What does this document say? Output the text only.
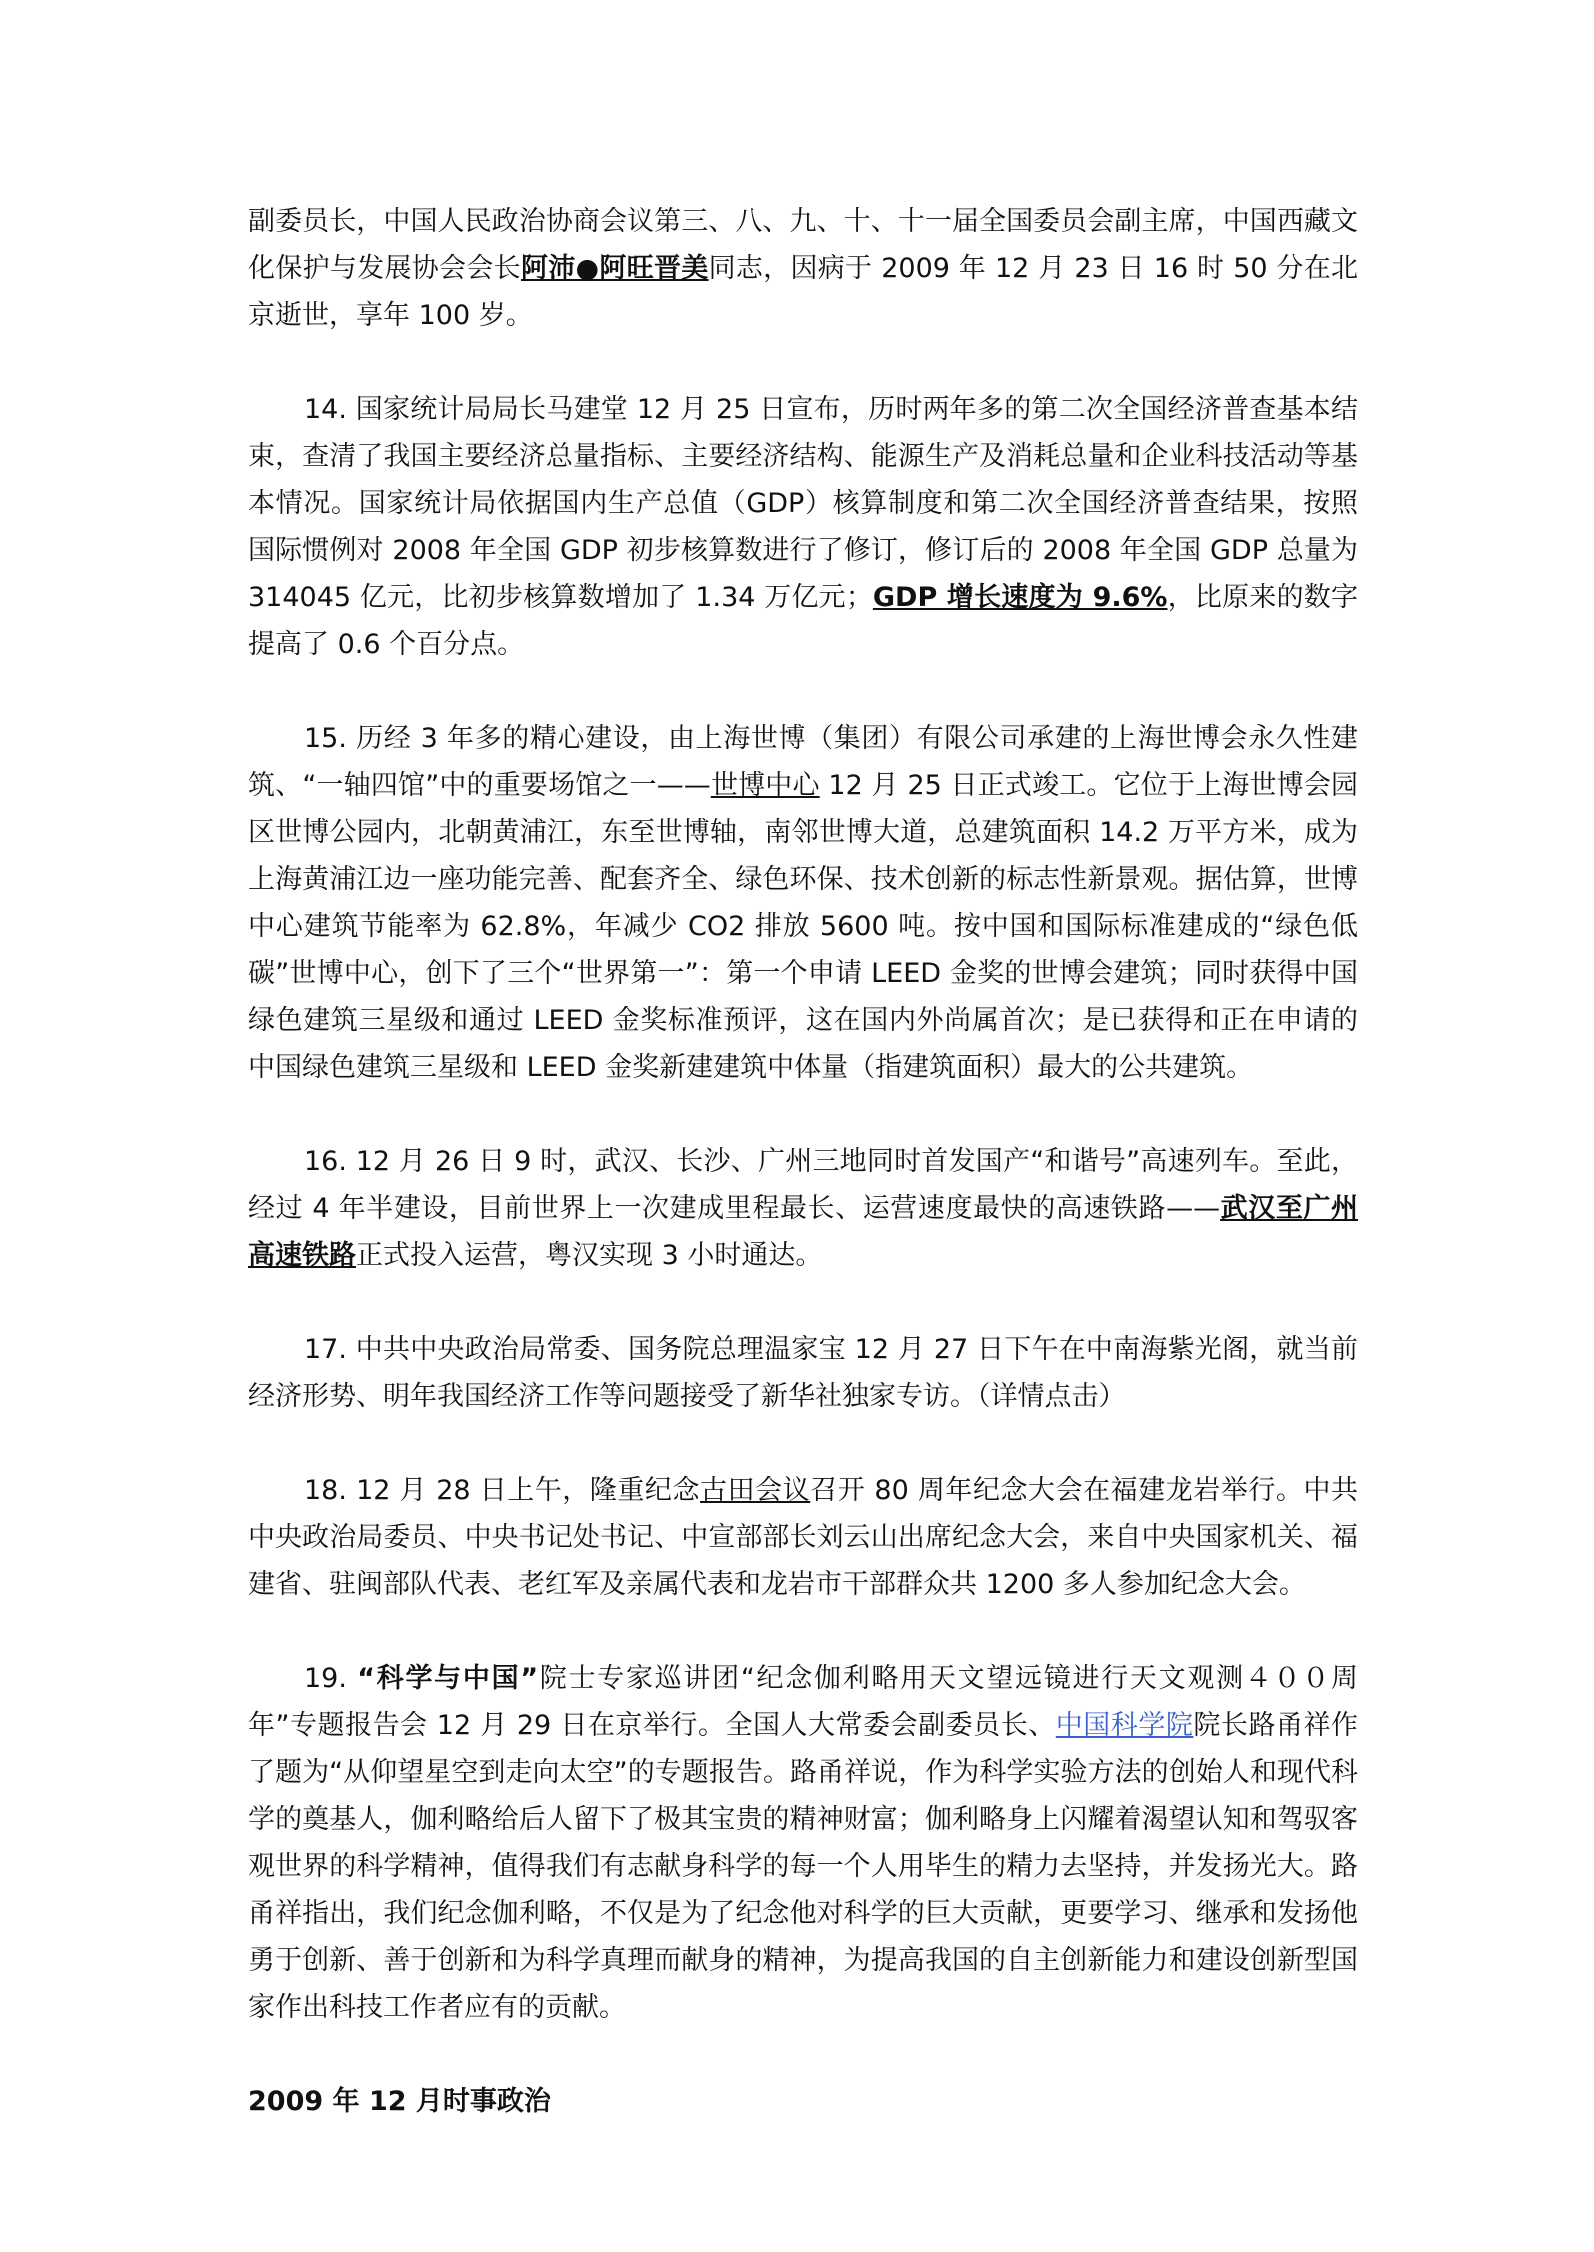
副委员长，中国人民政治协商会议第三、八、九、十、十一届全国委员会副主席，中国西藏文化保护与发展协会会长阿沛●阿旺晋美同志，因病于 2009 年 12 月 23 日 16 时 50 分在北京逝世，享年 100 岁。

14. 国家统计局局长马建堂 12 月 25 日宣布，历时两年多的第二次全国经济普查基本结束，查清了我国主要经济总量指标、主要经济结构、能源生产及消耗总量和企业科技活动等基本情况。国家统计局依据国内生产总值（GDP）核算制度和第二次全国经济普查结果，按照国际惯例对 2008 年全国 GDP 初步核算数进行了修订，修订后的 2008 年全国 GDP 总量为 314045 亿元，比初步核算数增加了 1.34 万亿元；GDP 增长速度为 9.6%，比原来的数字提高了 0.6 个百分点。

15. 历经 3 年多的精心建设，由上海世博（集团）有限公司承建的上海世博会永久性建筑、“一轴四馆”中的重要场馆之一——世博中心 12 月 25 日正式竣工。它位于上海世博会园区世博公园内，北朝黄浦江，东至世博轴，南邻世博大道，总建筑面积 14.2 万平方米，成为上海黄浦江边一座功能完善、配套齐全、绿色环保、技术创新的标志性新景观。据估算，世博中心建筑节能率为 62.8%，年减少 CO2 排放 5600 吨。按中国和国际标准建成的“绿色低碳”世博中心，创下了三个“世界第一”：第一个申请 LEED 金奖的世博会建筑；同时获得中国绿色建筑三星级和通过 LEED 金奖标准预评，这在国内外尚属首次；是已获得和正在申请的中国绿色建筑三星级和 LEED 金奖新建建筑中体量（指建筑面积）最大的公共建筑。

16. 12 月 26 日 9 时，武汉、长沙、广州三地同时首发国产“和谐号”高速列车。至此，经过 4 年半建设，目前世界上一次建成里程最长、运营速度最快的高速铁路——武汉至广州高速铁路正式投入运营，粤汉实现 3 小时通达。

17. 中共中央政治局常委、国务院总理温家宝 12 月 27 日下午在中南海紫光阁，就当前经济形势、明年我国经济工作等问题接受了新华社独家专访。（详情点击）

18. 12 月 28 日上午，隆重纪念古田会议召开 80 周年纪念大会在福建龙岩举行。中共中央政治局委员、中央书记处书记、中宣部部长刘云山出席纪念大会，来自中央国家机关、福建省、驻闽部队代表、老红军及亲属代表和龙岩市干部群众共 1200 多人参加纪念大会。

19. “科学与中国”院士专家巡讲团“纪念伽利略用天文望远镜进行天文观测４００周年”专题报告会 12 月 29 日在京举行。全国人大常委会副委员长、中国科学院院长路甬祥作了题为“从仰望星空到走向太空”的专题报告。路甬祥说，作为科学实验方法的创始人和现代科学的奠基人，伽利略给后人留下了极其宝贵的精神财富；伽利略身上闪耀着渴望认知和驾驭客观世界的科学精神，值得我们有志献身科学的每一个人用毕生的精力去坚持，并发扬光大。路甬祥指出，我们纪念伽利略，不仅是为了纪念他对科学的巨大贡献，更要学习、继承和发扬他勇于创新、善于创新和为科学真理而献身的精神，为提高我国的自主创新能力和建设创新型国家作出科技工作者应有的贡献。

2009 年 12 月时事政治
